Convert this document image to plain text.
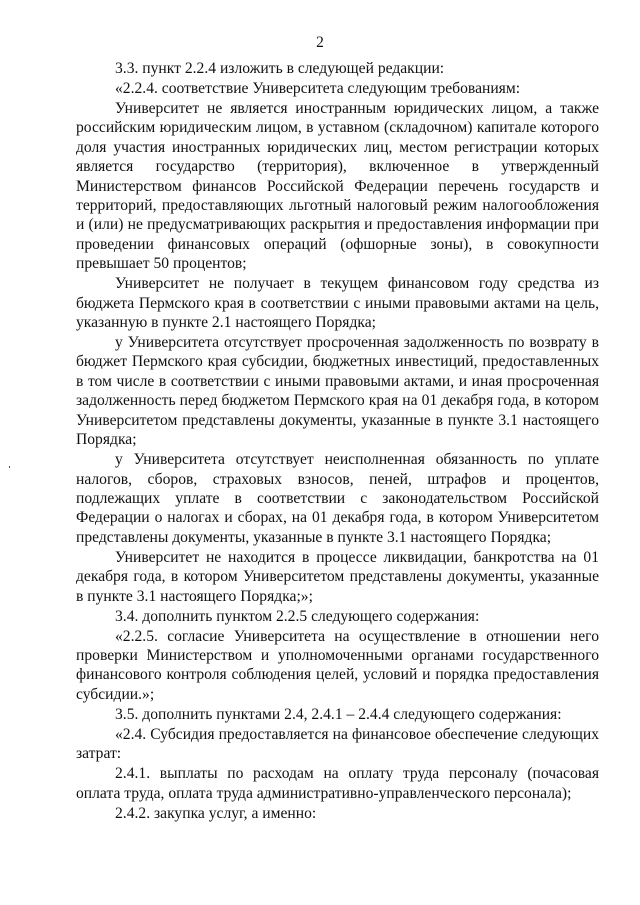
2

3.3. пункт 2.2.4 изложить в следующей редакции:

«2.2.4. соответствие Университета следующим требованиям:

Университет не является иностранным юридических лицом, а также российским юридическим лицом, в уставном (складочном) капитале которого доля участия иностранных юридических лиц, местом регистрации которых является государство (территория), включенное в утвержденный Министерством финансов Российской Федерации перечень государств и территорий, предоставляющих льготный налоговый режим налогообложения и (или) не предусматривающих раскрытия и предоставления информации при проведении финансовых операций (офшорные зоны), в совокупности превышает 50 процентов;

Университет не получает в текущем финансовом году средства из бюджета Пермского края в соответствии с иными правовыми актами на цель, указанную в пункте 2.1 настоящего Порядка;

у Университета отсутствует просроченная задолженность по возврату в бюджет Пермского края субсидии, бюджетных инвестиций, предоставленных в том числе в соответствии с иными правовыми актами, и иная просроченная задолженность перед бюджетом Пермского края на 01 декабря года, в котором Университетом представлены документы, указанные в пункте 3.1 настоящего Порядка;

у Университета отсутствует неисполненная обязанность по уплате налогов, сборов, страховых взносов, пеней, штрафов и процентов, подлежащих уплате в соответствии с законодательством Российской Федерации о налогах и сборах, на 01 декабря года, в котором Университетом представлены документы, указанные в пункте 3.1 настоящего Порядка;

Университет не находится в процессе ликвидации, банкротства на 01 декабря года, в котором Университетом представлены документы, указанные в пункте 3.1 настоящего Порядка;»;

3.4. дополнить пунктом 2.2.5 следующего содержания:

«2.2.5. согласие Университета на осуществление в отношении него проверки Министерством и уполномоченными органами государственного финансового контроля соблюдения целей, условий и порядка предоставления субсидии.»;

3.5. дополнить пунктами 2.4, 2.4.1 – 2.4.4 следующего содержания:

«2.4. Субсидия предоставляется на финансовое обеспечение следующих затрат:

2.4.1. выплаты по расходам на оплату труда персоналу (почасовая оплата труда, оплата труда административно-управленческого персонала);

2.4.2. закупка услуг, а именно:
